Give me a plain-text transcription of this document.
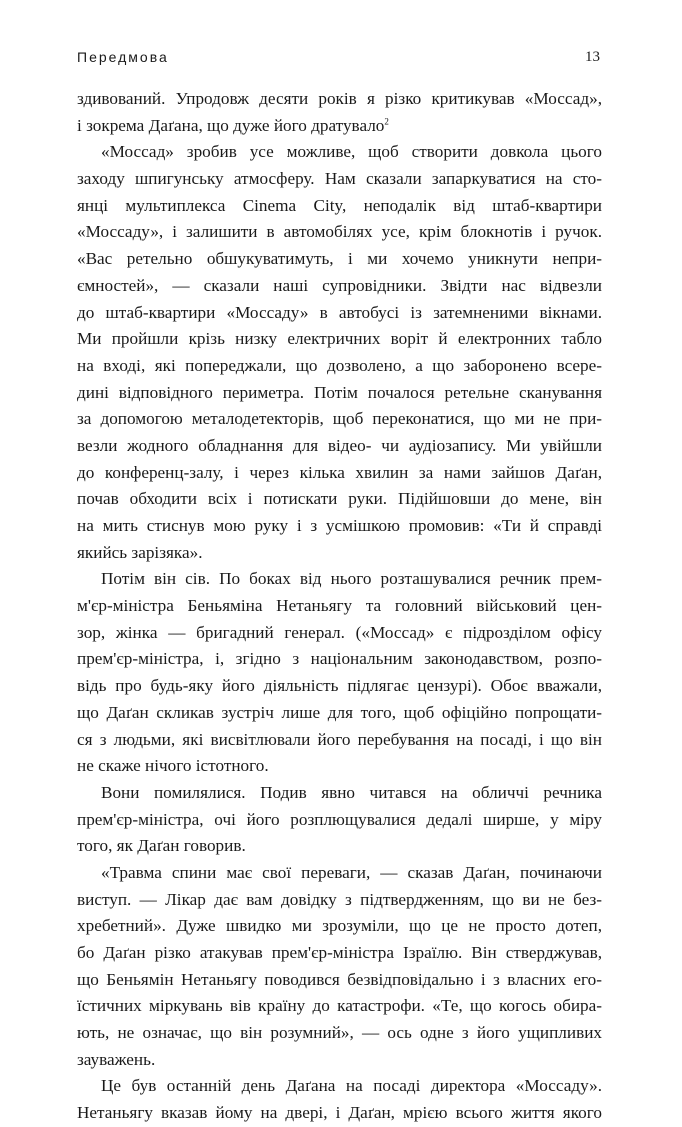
Передмова	13
здивований. Упродовж десяти років я різко критикував «Моссад»,
і зокрема Даґана, що дуже його дратувало$^2$
«Моссад» зробив усе можливе, щоб створити довкола цього
заходу шпигунську атмосферу. Нам сказали запаркуватися на сто-
янці мультиплекса Cinema City, неподалік від штаб-квартири
«Моссаду», і залишити в автомобілях усе, крім блокнотів і ручок.
«Вас ретельно обшукуватимуть, і ми хочемо уникнути непри-
ємностей», — сказали наші супровідники. Звідти нас відвезли
до штаб-квартири «Моссаду» в автобусі із затемненими вікнами.
Ми пройшли крізь низку електричних воріт й електронних табло
на вході, які попереджали, що дозволено, а що заборонено всере-
дині відповідного периметра. Потім почалося ретельне сканування
за допомогою металодетекторів, щоб переконатися, що ми не при-
везли жодного обладнання для відео- чи аудіозапису. Ми увійшли
до конференц-залу, і через кілька хвилин за нами зайшов Даґан,
почав обходити всіх і потискати руки. Підійшовши до мене, він
на мить стиснув мою руку і з усмішкою промовив: «Ти й справді
якийсь зарізяка».
Потім він сів. По боках від нього розташувалися речник прем-
м'єр-міністра Беньяміна Нетаньягу та головний військовий цен-
зор, жінка — бригадний генерал. («Моссад» є підрозділом офісу
прем'єр-міністра, і, згідно з національним законодавством, розпо-
відь про будь-яку його діяльність підлягає цензурі). Обоє вважали,
що Даґан скликав зустріч лише для того, щоб офіційно попрощати-
ся з людьми, які висвітлювали його перебування на посаді, і що він
не скаже нічого істотного.
Вони помилялися. Подив явно читався на обличчі речника
прем'єр-міністра, очі його розплющувалися дедалі ширше, у міру
того, як Даґан говорив.
«Травма спини має свої переваги, — сказав Даґан, починаючи
виступ. — Лікар дає вам довідку з підтвердженням, що ви не без-
хребетний». Дуже швидко ми зрозуміли, що це не просто дотеп,
бо Даґан різко атакував прем'єр-міністра Ізраїлю. Він стверджував,
що Беньямін Нетаньягу поводився безвідповідально і з власних его-
їстичних міркувань вів країну до катастрофи. «Те, що когось обира-
ють, не означає, що він розумний», — ось одне з його ущипливих
зауважень.
Це був останній день Даґана на посаді директора «Моссаду».
Нетаньягу вказав йому на двері, і Даґан, мрією всього життя якого
